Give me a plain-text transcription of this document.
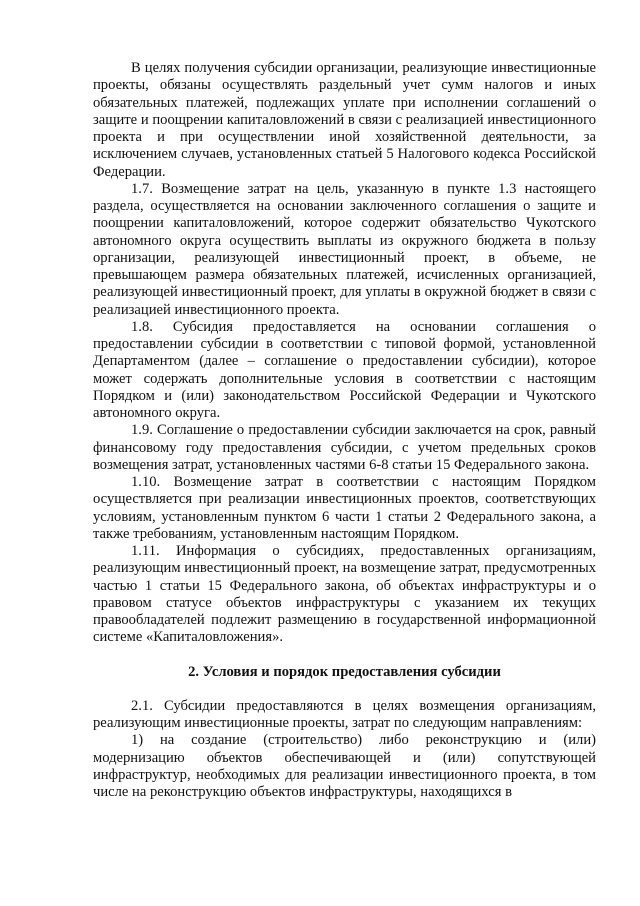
В целях получения субсидии организации, реализующие инвестиционные проекты, обязаны осуществлять раздельный учет сумм налогов и иных обязательных платежей, подлежащих уплате при исполнении соглашений о защите и поощрении капиталовложений в связи с реализацией инвестиционного проекта и при осуществлении иной хозяйственной деятельности, за исключением случаев, установленных статьей 5 Налогового кодекса Российской Федерации.

1.7. Возмещение затрат на цель, указанную в пункте 1.3 настоящего раздела, осуществляется на основании заключенного соглашения о защите и поощрении капиталовложений, которое содержит обязательство Чукотского автономного округа осуществить выплаты из окружного бюджета в пользу организации, реализующей инвестиционный проект, в объеме, не превышающем размера обязательных платежей, исчисленных организацией, реализующей инвестиционный проект, для уплаты в окружной бюджет в связи с реализацией инвестиционного проекта.

1.8. Субсидия предоставляется на основании соглашения о предоставлении субсидии в соответствии с типовой формой, установленной Департаментом (далее – соглашение о предоставлении субсидии), которое может содержать дополнительные условия в соответствии с настоящим Порядком и (или) законодательством Российской Федерации и Чукотского автономного округа.

1.9. Соглашение о предоставлении субсидии заключается на срок, равный финансовому году предоставления субсидии, с учетом предельных сроков возмещения затрат, установленных частями 6-8 статьи 15 Федерального закона.

1.10. Возмещение затрат в соответствии с настоящим Порядком осуществляется при реализации инвестиционных проектов, соответствующих условиям, установленным пунктом 6 части 1 статьи 2 Федерального закона, а также требованиям, установленным настоящим Порядком.

1.11. Информация о субсидиях, предоставленных организациям, реализующим инвестиционный проект, на возмещение затрат, предусмотренных частью 1 статьи 15 Федерального закона, об объектах инфраструктуры и о правовом статусе объектов инфраструктуры с указанием их текущих правообладателей подлежит размещению в государственной информационной системе «Капиталовложения».

2. Условия и порядок предоставления субсидии

2.1. Субсидии предоставляются в целях возмещения организациям, реализующим инвестиционные проекты, затрат по следующим направлениям:

1) на создание (строительство) либо реконструкцию и (или) модернизацию объектов обеспечивающей и (или) сопутствующей инфраструктур, необходимых для реализации инвестиционного проекта, в том числе на реконструкцию объектов инфраструктуры, находящихся в
